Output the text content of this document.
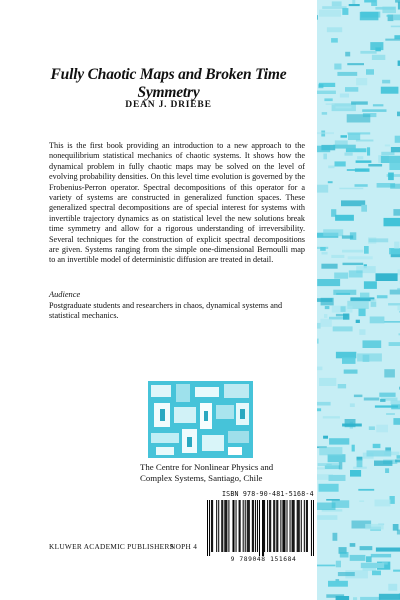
Fully Chaotic Maps and Broken Time Symmetry

DEAN J. DRIEBE

This is the first book providing an introduction to a new approach to the nonequilibrium statistical mechanics of chaotic systems. It shows how the dynamical problem in fully chaotic maps may be solved on the level of evolving probability densities. On this level time evolution is governed by the Frobenius-Perron operator. Spectral decompositions of this operator for a variety of systems are constructed in generalized function spaces. These generalized spectral decompositions are of special interest for systems with invertible trajectory dynamics as on statistical level the new solutions break time symmetry and allow for a rigorous understanding of irreversibility. Several techniques for the construction of explicit spectral decompositions are given. Systems ranging from the simple one-dimensional Bernoulli map to an invertible model of deterministic diffusion are treated in detail.

Audience

Postgraduate students and researchers in chaos, dynamical systems and statistical mechanics.

The Centre for Nonlinear Physics and
Complex Systems, Santiago, Chile

ISBN 978-90-481-5168-4

9 789048 151684

KLUWER ACADEMIC PUBLISHERS

NOPH 4
